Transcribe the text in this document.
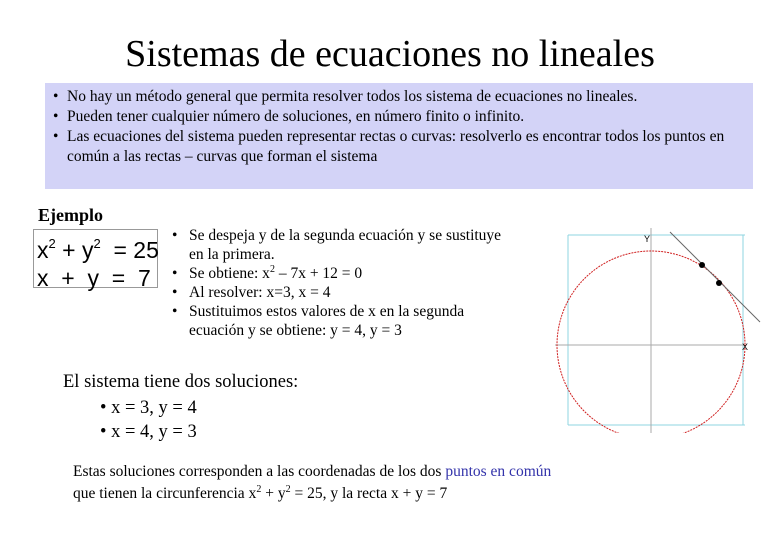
Sistemas de ecuaciones no lineales
• No hay un método general que permita resolver todos los sistema de ecuaciones no lineales.
• Pueden tener cualquier número de soluciones, en número finito o infinito.
• Las ecuaciones del sistema pueden representar rectas o curvas: resolverlo es encontrar todos los puntos en común a las rectas – curvas que forman el sistema
Ejemplo
$x^2 + y^2 = 25$
x  +  y  =  7
• Se despeja y de la segunda ecuación y se sustituye en la primera.
• Se obtiene: $x^2 - 7x + 12 = 0$
• Al resolver: x=3, x = 4
• Sustituimos estos valores de x en la segunda ecuación y se obtiene: y = 4, y = 3
Y
X
El sistema tiene dos soluciones:
• x = 3, y = 4
• x = 4, y = 3
Estas soluciones corresponden a las coordenadas de los dos puntos en común
que tienen la circunferencia $x^2 + y^2 = 25$, y la recta x + y = 7
